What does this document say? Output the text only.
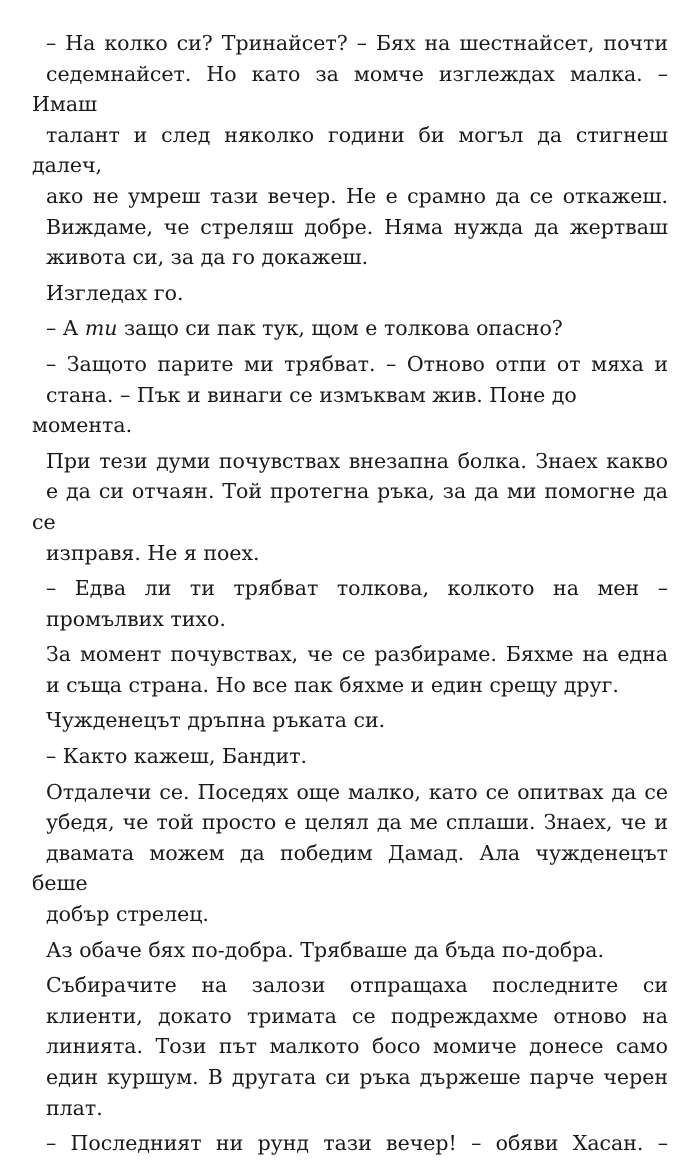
– На колко си? Тринайсет? – Бях на шестнайсет, почти
седемнайсет. Но като за момче изглеждах малка. – Имаш
талант и след няколко години би могъл да стигнеш далеч,
ако не умреш тази вечер. Не е срамно да се откажеш.
Виждаме, че стреляш добре. Няма нужда да жертваш
живота си, за да го докажеш.

Изгледах го.

– А ти защо си пак тук, щом е толкова опасно?

– Защото парите ми трябват. – Отново отпи от мяха и
стана. – Пък и винаги се измъквам жив. Поне до момента.

При тези думи почувствах внезапна болка. Знаех какво
е да си отчаян. Той протегна ръка, за да ми помогне да се
изправя. Не я поех.

– Едва ли ти трябват толкова, колкото на мен –
промълвих тихо.

За момент почувствах, че се разбираме. Бяхме на една
и съща страна. Но все пак бяхме и един срещу друг.

Чужденецът дръпна ръката си.

– Както кажеш, Бандит.

Отдалечи се. Поседях още малко, като се опитвах да се
убедя, че той просто е целял да ме сплаши. Знаех, че и
двамата можем да победим Дамад. Ала чужденецът беше
добър стрелец.

Аз обаче бях по-добра. Трябваше да бъда по-добра.

Събирачите на залози отпращаха последните си
клиенти, докато тримата се подреждахме отново на
линията. Този път малкото босо момиче донесе само
един куршум. В другата си ръка държеше парче черен
плат.

– Последният ни рунд тази вечер! – обяви Хасан. –
